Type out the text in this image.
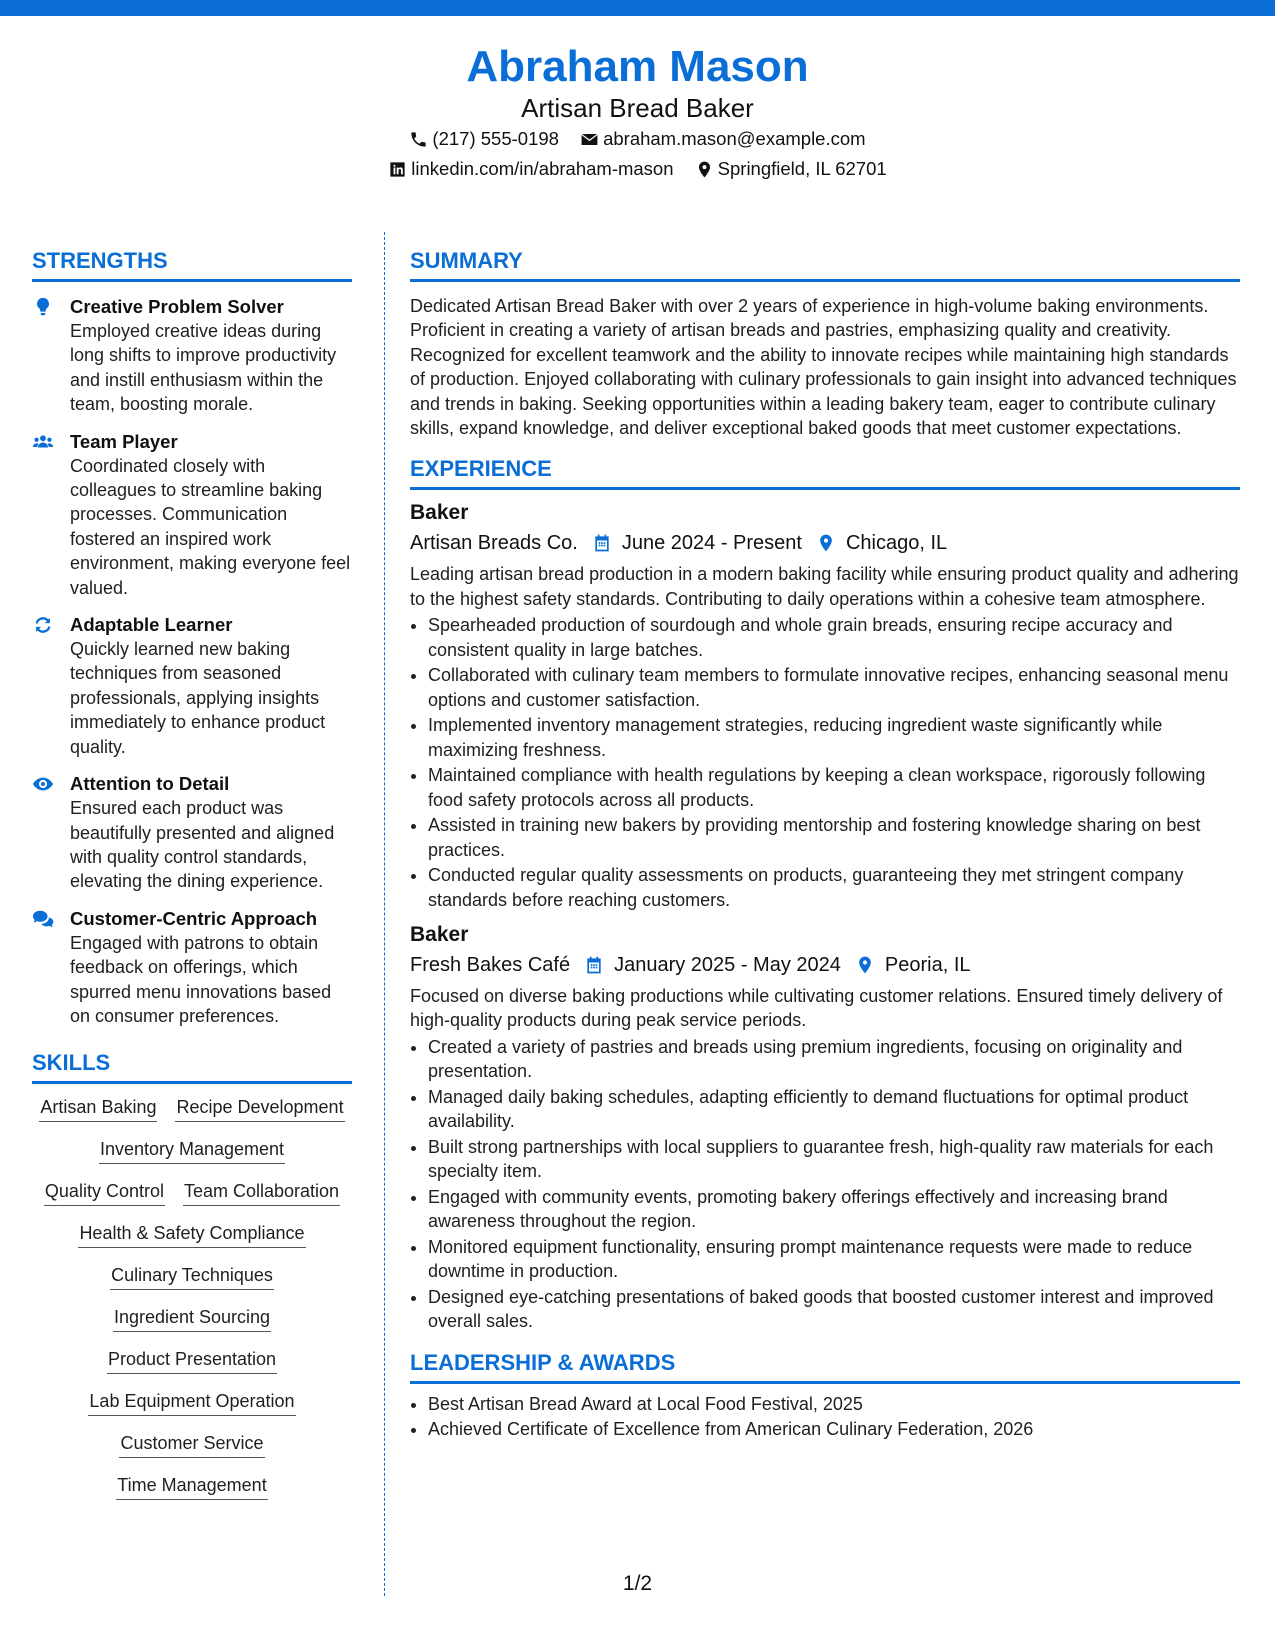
Abraham Mason
Artisan Bread Baker
(217) 555-0198
abraham.mason@example.com
linkedin.com/in/abraham-mason
Springfield, IL 62701
STRENGTHS
Creative Problem Solver
Employed creative ideas during long shifts to improve productivity and instill enthusiasm within the team, boosting morale.
Team Player
Coordinated closely with colleagues to streamline baking processes. Communication fostered an inspired work environment, making everyone feel valued.
Adaptable Learner
Quickly learned new baking techniques from seasoned professionals, applying insights immediately to enhance product quality.
Attention to Detail
Ensured each product was beautifully presented and aligned with quality control standards, elevating the dining experience.
Customer-Centric Approach
Engaged with patrons to obtain feedback on offerings, which spurred menu innovations based on consumer preferences.
SKILLS
Artisan Baking Recipe Development
Inventory Management
Quality Control Team Collaboration
Health & Safety Compliance
Culinary Techniques
Ingredient Sourcing
Product Presentation
Lab Equipment Operation
Customer Service
Time Management
SUMMARY
Dedicated Artisan Bread Baker with over 2 years of experience in high-volume baking environments. Proficient in creating a variety of artisan breads and pastries, emphasizing quality and creativity. Recognized for excellent teamwork and the ability to innovate recipes while maintaining high standards of production. Enjoyed collaborating with culinary professionals to gain insight into advanced techniques and trends in baking. Seeking opportunities within a leading bakery team, eager to contribute culinary skills, expand knowledge, and deliver exceptional baked goods that meet customer expectations.
EXPERIENCE
Baker
Artisan Breads Co. June 2024 - Present Chicago, IL
Leading artisan bread production in a modern baking facility while ensuring product quality and adhering to the highest safety standards. Contributing to daily operations within a cohesive team atmosphere.
• Spearheaded production of sourdough and whole grain breads, ensuring recipe accuracy and consistent quality in large batches.
• Collaborated with culinary team members to formulate innovative recipes, enhancing seasonal menu options and customer satisfaction.
• Implemented inventory management strategies, reducing ingredient waste significantly while maximizing freshness.
• Maintained compliance with health regulations by keeping a clean workspace, rigorously following food safety protocols across all products.
• Assisted in training new bakers by providing mentorship and fostering knowledge sharing on best practices.
• Conducted regular quality assessments on products, guaranteeing they met stringent company standards before reaching customers.
Baker
Fresh Bakes Café January 2025 - May 2024 Peoria, IL
Focused on diverse baking productions while cultivating customer relations. Ensured timely delivery of high-quality products during peak service periods.
• Created a variety of pastries and breads using premium ingredients, focusing on originality and presentation.
• Managed daily baking schedules, adapting efficiently to demand fluctuations for optimal product availability.
• Built strong partnerships with local suppliers to guarantee fresh, high-quality raw materials for each specialty item.
• Engaged with community events, promoting bakery offerings effectively and increasing brand awareness throughout the region.
• Monitored equipment functionality, ensuring prompt maintenance requests were made to reduce downtime in production.
• Designed eye-catching presentations of baked goods that boosted customer interest and improved overall sales.
LEADERSHIP & AWARDS
• Best Artisan Bread Award at Local Food Festival, 2025
• Achieved Certificate of Excellence from American Culinary Federation, 2026
1/2
